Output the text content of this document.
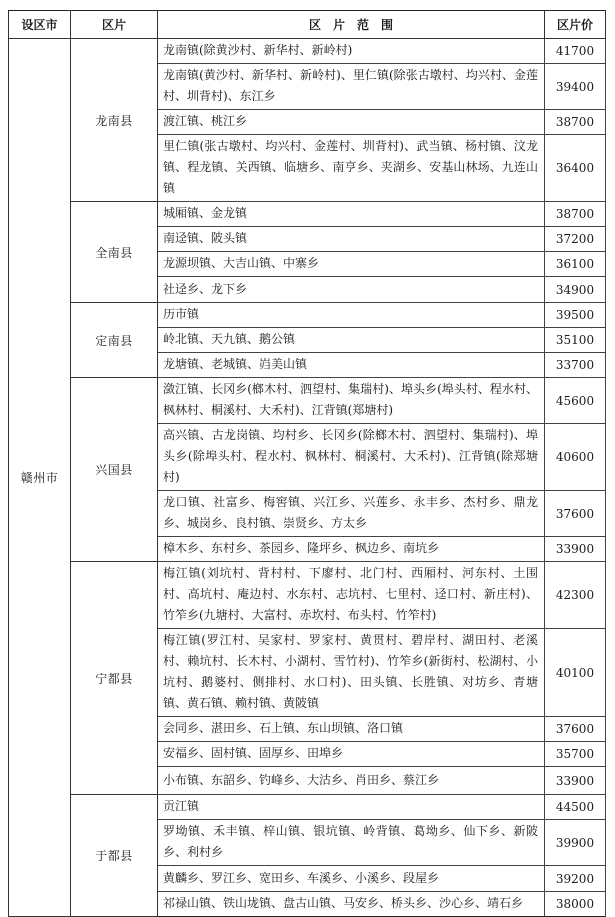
设区市	区片	区　片　范　围	区片价
赣州市	龙南县	龙南镇(除黄沙村、新华村、新岭村)	41700
		龙南镇(黄沙村、新华村、新岭村)、里仁镇(除张古墩村、均兴村、金莲村、圳背村)、东江乡	39400
		渡江镇、桃江乡	38700
		里仁镇(张古墩村、均兴村、金莲村、圳背村)、武当镇、杨村镇、汶龙镇、程龙镇、关西镇、临塘乡、南亨乡、夹湖乡、安基山林场、九连山镇	36400
	全南县	城厢镇、金龙镇	38700
		南迳镇、陂头镇	37200
		龙源坝镇、大吉山镇、中寨乡	36100
		社迳乡、龙下乡	34900
	定南县	历市镇	39500
		岭北镇、天九镇、鹅公镇	35100
		龙塘镇、老城镇、岿美山镇	33700
	兴国县	潋江镇、长冈乡(榔木村、泗望村、集瑞村)、埠头乡(埠头村、程水村、枫林村、桐溪村、大禾村)、江背镇(郑塘村)	45600
		高兴镇、古龙岗镇、均村乡、长冈乡(除榔木村、泗望村、集瑞村)、埠头乡(除埠头村、程水村、枫林村、桐溪村、大禾村)、江背镇(除郑塘村)	40600
		龙口镇、社富乡、梅窖镇、兴江乡、兴莲乡、永丰乡、杰村乡、鼎龙乡、城岗乡、良村镇、崇贤乡、方太乡	37600
		樟木乡、东村乡、茶园乡、隆坪乡、枫边乡、南坑乡	33900
	宁都县	梅江镇(刘坑村、背村村、下廖村、北门村、西厢村、河东村、土围村、高坑村、庵边村、水东村、志坑村、七里村、迳口村、新庄村)、竹笮乡(九塘村、大富村、赤坎村、布头村、竹笮村)	42300
		梅江镇(罗江村、吴家村、罗家村、黄贯村、碧岸村、湖田村、老溪村、赖坑村、长木村、小湖村、雪竹村)、竹笮乡(新街村、松湖村、小坑村、鹅婆村、侧排村、水口村)、田头镇、长胜镇、对坊乡、青塘镇、黄石镇、赖村镇、黄陂镇	40100
		会同乡、湛田乡、石上镇、东山坝镇、洛口镇	37600
		安福乡、固村镇、固厚乡、田埠乡	35700
		小布镇、东韶乡、钓峰乡、大沽乡、肖田乡、蔡江乡	33900
	于都县	贡江镇	44500
		罗坳镇、禾丰镇、梓山镇、银坑镇、岭背镇、葛坳乡、仙下乡、新陂乡、利村乡	39900
		黄麟乡、罗江乡、宽田乡、车溪乡、小溪乡、段屋乡	39200
		祁禄山镇、铁山垅镇、盘古山镇、马安乡、桥头乡、沙心乡、靖石乡	38000
